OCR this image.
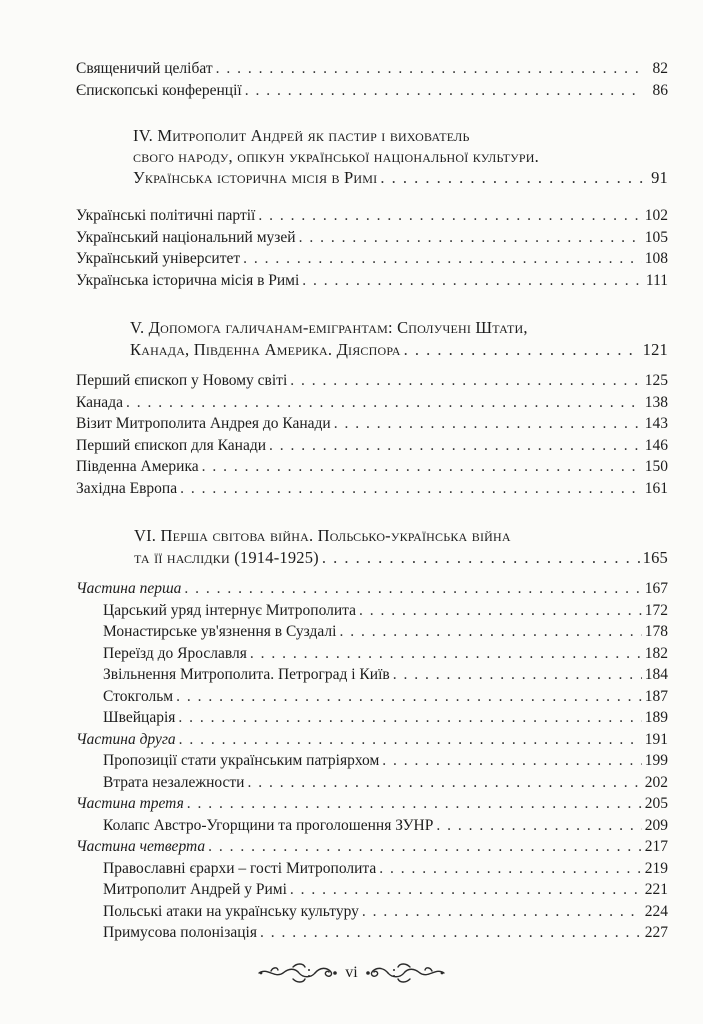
Священичий целібат . . .	82
Єпископські конференції . . .	86
IV. Митрополит Андрей як пастир і вихователь
свого народу, опікун української національної культури.
Українська історична місія в Римі . . .	91
Українські політичні партії . . .	102
Український національний музей . . .	105
Український університет . . .	108
Українська історична місія в Римі . . .	111
V. Допомога галичанам-емігрантам: Сполучені Штати,
Канада, Південна Америка. Діяспора . . .	121
Перший єпископ у Новому світі . . .	125
Канада . . .	138
Візит Митрополита Андрея до Канади . . .	143
Перший єпископ для Канади . . .	146
Південна Америка . . .	150
Західна Европа . . .	161
VI. Перша світова війна. Польсько-українська війна
та її наслідки (1914-1925) . . .	165
Частина перша . . .	167
Царський уряд інтернує Митрополита . . .	172
Монастирське ув'язнення в Суздалі . . .	178
Переїзд до Ярославля . . .	182
Звільнення Митрополита. Петроград і Київ . . .	184
Стокгольм . . .	187
Швейцарія . . .	189
Частина друга . . .	191
Пропозиції стати українським патріярхом . . .	199
Втрата незалежности . . .	202
Частина третя . . .	205
Колапс Австро-Угорщини та проголошення ЗУНР . . .	209
Частина четверта . . .	217
Православні єрархи – гості Митрополита . . .	219
Митрополит Андрей у Римі . . .	221
Польські атаки на українську культуру . . .	224
Примусова полонізація . . .	227
vi
